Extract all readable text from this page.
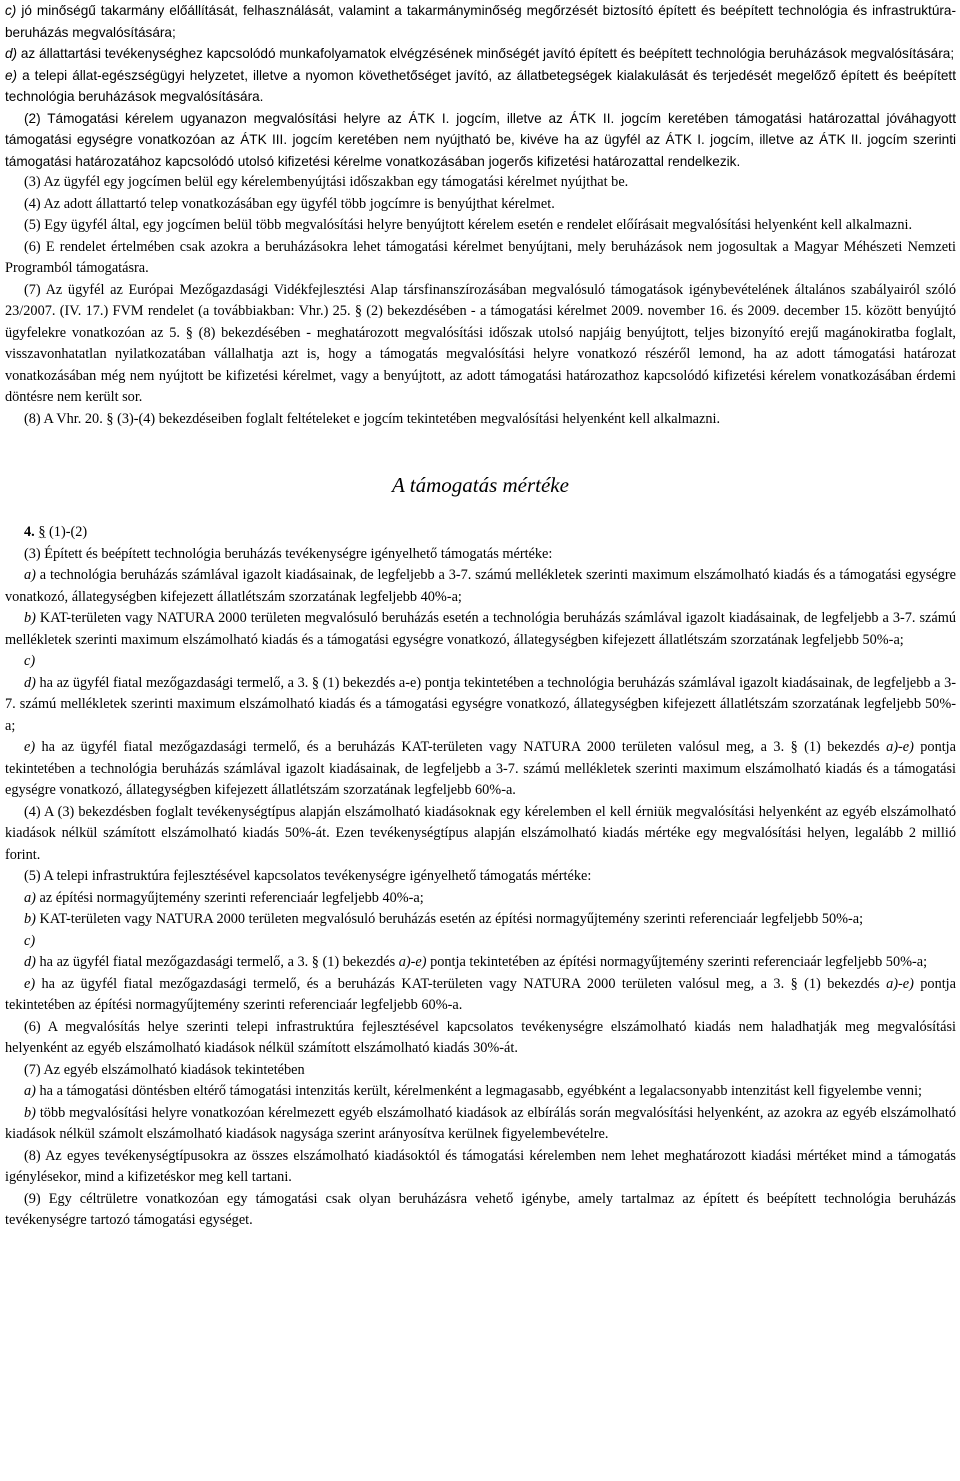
c) jó minőségű takarmány előállítását, felhasználását, valamint a takarmányminőség megőrzését biztosító épített és beépített technológia és infrastruktúra-beruházás megvalósítására;

d) az állattartási tevékenységhez kapcsolódó munkafolyamatok elvégzésének minőségét javító épített és beépített technológia beruházások megvalósítására;

e) a telepi állat-egészségügyi helyzetet, illetve a nyomon követhetőséget javító, az állatbetegségek kialakulását és terjedését megelőző épített és beépített technológia beruházások megvalósítására.

(2) Támogatási kérelem ugyanazon megvalósítási helyre az ÁTK I. jogcím, illetve az ÁTK II. jogcím keretében támogatási határozattal jóváhagyott támogatási egységre vonatkozóan az ÁTK III. jogcím keretében nem nyújtható be, kivéve ha az ügyfél az ÁTK I. jogcím, illetve az ÁTK II. jogcím szerinti támogatási határozatához kapcsolódó utolsó kifizetési kérelme vonatkozásában jogerős kifizetési határozattal rendelkezik.

(3) Az ügyfél egy jogcímen belül egy kérelembenyújtási időszakban egy támogatási kérelmet nyújthat be.

(4) Az adott állattartó telep vonatkozásában egy ügyfél több jogcímre is benyújthat kérelmet.

(5) Egy ügyfél által, egy jogcímen belül több megvalósítási helyre benyújtott kérelem esetén e rendelet előírásait megvalósítási helyenként kell alkalmazni.

(6) E rendelet értelmében csak azokra a beruházásokra lehet támogatási kérelmet benyújtani, mely beruházások nem jogosultak a Magyar Méhészeti Nemzeti Programból támogatásra.

(7) Az ügyfél az Európai Mezőgazdasági Vidékfejlesztési Alap társfinanszírozásában megvalósuló támogatások igénybevételének általános szabályairól szóló 23/2007. (IV. 17.) FVM rendelet (a továbbiakban: Vhr.) 25. § (2) bekezdésében - a támogatási kérelmet 2009. november 16. és 2009. december 15. között benyújtó ügyfelekre vonatkozóan az 5. § (8) bekezdésében - meghatározott megvalósítási időszak utolsó napjáig benyújtott, teljes bizonyító erejű magánokiratba foglalt, visszavonhatatlan nyilatkozatában vállalhatja azt is, hogy a támogatás megvalósítási helyre vonatkozó részéről lemond, ha az adott támogatási határozat vonatkozásában még nem nyújtott be kifizetési kérelmet, vagy a benyújtott, az adott támogatási határozathoz kapcsolódó kifizetési kérelem vonatkozásában érdemi döntésre nem került sor.

(8) A Vhr. 20. § (3)-(4) bekezdéseiben foglalt feltételeket e jogcím tekintetében megvalósítási helyenként kell alkalmazni.

A támogatás mértéke

4. § (1)-(2)

(3) Épített és beépített technológia beruházás tevékenységre igényelhető támogatás mértéke:

a) a technológia beruházás számlával igazolt kiadásainak, de legfeljebb a 3-7. számú mellékletek szerinti maximum elszámolható kiadás és a támogatási egységre vonatkozó, állategységben kifejezett állatlétszám szorzatának legfeljebb 40%-a;

b) KAT-területen vagy NATURA 2000 területen megvalósuló beruházás esetén a technológia beruházás számlával igazolt kiadásainak, de legfeljebb a 3-7. számú mellékletek szerinti maximum elszámolható kiadás és a támogatási egységre vonatkozó, állategységben kifejezett állatlétszám szorzatának legfeljebb 50%-a;

c)

d) ha az ügyfél fiatal mezőgazdasági termelő, a 3. § (1) bekezdés a-e) pontja tekintetében a technológia beruházás számlával igazolt kiadásainak, de legfeljebb a 3-7. számú mellékletek szerinti maximum elszámolható kiadás és a támogatási egységre vonatkozó, állategységben kifejezett állatlétszám szorzatának legfeljebb 50%-a;

e) ha az ügyfél fiatal mezőgazdasági termelő, és a beruházás KAT-területen vagy NATURA 2000 területen valósul meg, a 3. § (1) bekezdés a)-e) pontja tekintetében a technológia beruházás számlával igazolt kiadásainak, de legfeljebb a 3-7. számú mellékletek szerinti maximum elszámolható kiadás és a támogatási egységre vonatkozó, állategységben kifejezett állatlétszám szorzatának legfeljebb 60%-a.

(4) A (3) bekezdésben foglalt tevékenységtípus alapján elszámolható kiadásoknak egy kérelemben el kell érniük megvalósítási helyenként az egyéb elszámolható kiadások nélkül számított elszámolható kiadás 50%-át. Ezen tevékenységtípus alapján elszámolható kiadás mértéke egy megvalósítási helyen, legalább 2 millió forint.

(5) A telepi infrastruktúra fejlesztésével kapcsolatos tevékenységre igényelhető támogatás mértéke:

a) az építési normagyűjtemény szerinti referenciaár legfeljebb 40%-a;

b) KAT-területen vagy NATURA 2000 területen megvalósuló beruházás esetén az építési normagyűjtemény szerinti referenciaár legfeljebb 50%-a;

c)

d) ha az ügyfél fiatal mezőgazdasági termelő, a 3. § (1) bekezdés a)-e) pontja tekintetében az építési normagyűjtemény szerinti referenciaár legfeljebb 50%-a;

e) ha az ügyfél fiatal mezőgazdasági termelő, és a beruházás KAT-területen vagy NATURA 2000 területen valósul meg, a 3. § (1) bekezdés a)-e) pontja tekintetében az építési normagyűjtemény szerinti referenciaár legfeljebb 60%-a.

(6) A megvalósítás helye szerinti telepi infrastruktúra fejlesztésével kapcsolatos tevékenységre elszámolható kiadás nem haladhatják meg megvalósítási helyenként az egyéb elszámolható kiadások nélkül számított elszámolható kiadás 30%-át.

(7) Az egyéb elszámolható kiadások tekintetében

a) ha a támogatási döntésben eltérő támogatási intenzitás került, kérelmenként a legmagasabb, egyébként a legalacsonyabb intenzitást kell figyelembe venni;

b) több megvalósítási helyre vonatkozóan kérelmezett egyéb elszámolható kiadások az elbírálás során megvalósítási helyenként, az azokra az egyéb elszámolható kiadások nélkül számolt elszámolható kiadások nagysága szerint arányosítva kerülnek figyelembevételre.

(8) Az egyes tevékenységtípusokra az összes elszámolható kiadásoktól és támogatási kérelemben nem lehet meghatározott kiadási mértéket mind a támogatás igénylésekor, mind a kifizetéskor meg kell tartani.

(9) Egy céltrületre vonatkozóan egy támogatási csak olyan beruházásra vehető igénybe, amely tartalmaz az épített és beépített technológia beruházás tevékenységre tartozó támogatási egységet.
